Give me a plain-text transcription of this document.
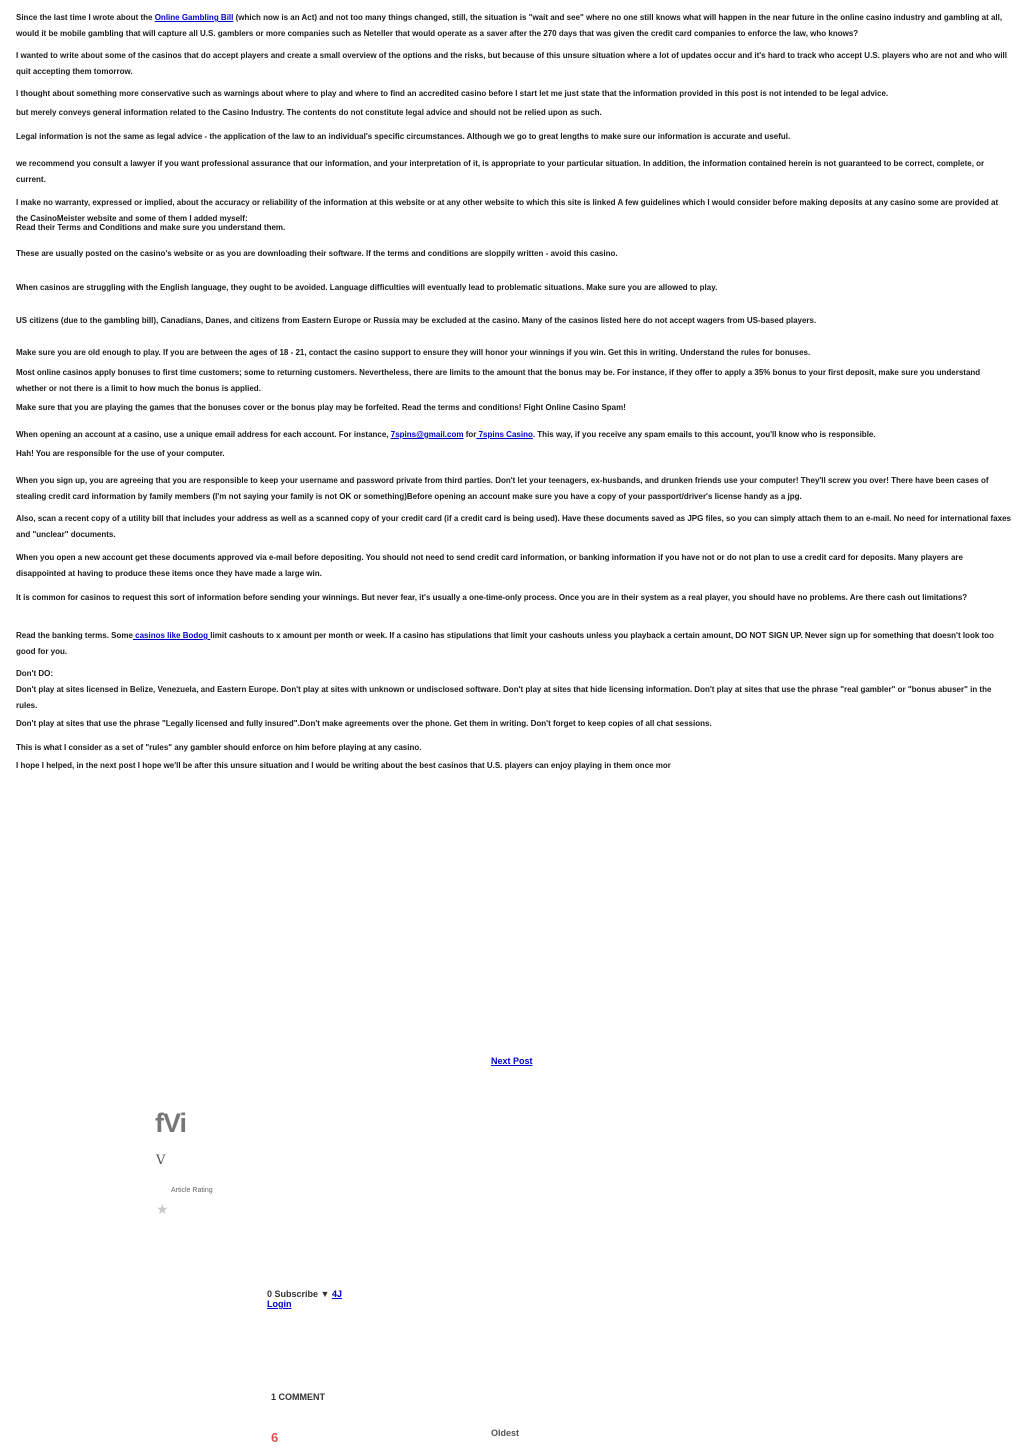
Since the last time I wrote about the Online Gambling Bill (which now is an Act) and not too many things changed, still, the situation is "wait and see" where no one still knows what will happen in the near future in the online casino industry and gambling at all, would it be mobile gambling that will capture all U.S. gamblers or more companies such as Neteller that would operate as a saver after the 270 days that was given the credit card companies to enforce the law, who knows?

I wanted to write about some of the casinos that do accept players and create a small overview of the options and the risks, but because of this unsure situation where a lot of updates occur and it's hard to track who accept U.S. players who are not and who will quit accepting them tomorrow.

I thought about something more conservative such as warnings about where to play and where to find an accredited casino before I start let me just state that the information provided in this post is not intended to be legal advice.

but merely conveys general information related to the Casino Industry. The contents do not constitute legal advice and should not be relied upon as such.

Legal information is not the same as legal advice - the application of the law to an individual's specific circumstances. Although we go to great lengths to make sure our information is accurate and useful.

we recommend you consult a lawyer if you want professional assurance that our information, and your interpretation of it, is appropriate to your particular situation. In addition, the information contained herein is not guaranteed to be correct, complete, or current.

I make no warranty, expressed or implied, about the accuracy or reliability of the information at this website or at any other website to which this site is linked A few guidelines which I would consider before making deposits at any casino some are provided at the CasinoMeister website and some of them I added myself:

Read their Terms and Conditions and make sure you understand them.

These are usually posted on the casino's website or as you are downloading their software. If the terms and conditions are sloppily written - avoid this casino.

When casinos are struggling with the English language, they ought to be avoided. Language difficulties will eventually lead to problematic situations. Make sure you are allowed to play.

US citizens (due to the gambling bill), Canadians, Danes, and citizens from Eastern Europe or Russia may be excluded at the casino. Many of the casinos listed here do not accept wagers from US-based players.

Make sure you are old enough to play. If you are between the ages of 18 - 21, contact the casino support to ensure they will honor your winnings if you win. Get this in writing. Understand the rules for bonuses.

Most online casinos apply bonuses to first time customers; some to returning customers. Nevertheless, there are limits to the amount that the bonus may be. For instance, if they offer to apply a 35% bonus to your first deposit, make sure you understand whether or not there is a limit to how much the bonus is applied.

Make sure that you are playing the games that the bonuses cover or the bonus play may be forfeited. Read the terms and conditions! Fight Online Casino Spam!

When opening an account at a casino, use a unique email address for each account. For instance, 7spins@gmail.com for 7spins Casino. This way, if you receive any spam emails to this account, you'll know who is responsible.

Hah! You are responsible for the use of your computer.

When you sign up, you are agreeing that you are responsible to keep your username and password private from third parties. Don't let your teenagers, ex-husbands, and drunken friends use your computer! They'll screw you over! There have been cases of stealing credit card information by family members (I'm not saying your family is not OK or something)Before opening an account make sure you have a copy of your passport/driver's license handy as a jpg.

Also, scan a recent copy of a utility bill that includes your address as well as a scanned copy of your credit card (if a credit card is being used). Have these documents saved as JPG files, so you can simply attach them to an e-mail. No need for international faxes and "unclear" documents.

When you open a new account get these documents approved via e-mail before depositing. You should not need to send credit card information, or banking information if you have not or do not plan to use a credit card for deposits. Many players are disappointed at having to produce these items once they have made a large win.

It is common for casinos to request this sort of information before sending your winnings. But never fear, it's usually a one-time-only process. Once you are in their system as a real player, you should have no problems. Are there cash out limitations?

Read the banking terms. Some casinos like Bodog limit cashouts to x amount per month or week. If a casino has stipulations that limit your cashouts unless you playback a certain amount, DO NOT SIGN UP. Never sign up for something that doesn't look too good for you.

Don't DO:

Don't play at sites licensed in Belize, Venezuela, and Eastern Europe. Don't play at sites with unknown or undisclosed software. Don't play at sites that hide licensing information. Don't play at sites that use the phrase "real gambler" or "bonus abuser" in the rules.

Don't play at sites that use the phrase "Legally licensed and fully insured".Don't make agreements over the phone. Get them in writing. Don't forget to keep copies of all chat sessions.

This is what I consider as a set of "rules" any gambler should enforce on him before playing at any casino.

I hope I helped, in the next post I hope we'll be after this unsure situation and I would be writing about the best casinos that U.S. players can enjoy playing in them once mor

Next Post
fVi
V
Article Rating
★
0 Subscribe ▼ 4J
Login
1 COMMENT
Oldest
6
